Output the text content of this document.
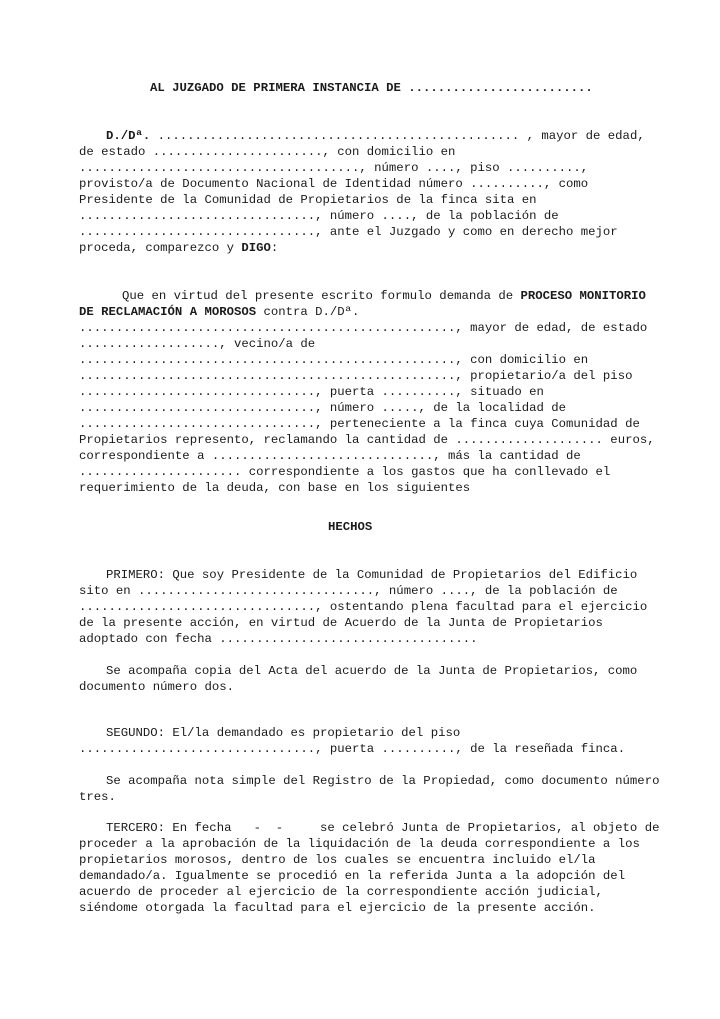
AL JUZGADO DE PRIMERA INSTANCIA DE .........................
D./Dª. ................................................. , mayor de edad,
de estado ......................., con domicilio en
......................................, número ...., piso ..........,
provisto/a de Documento Nacional de Identidad número .........., como
Presidente de la Comunidad de Propietarios de la finca sita en
................................, número ...., de la población de
................................, ante el Juzgado y como en derecho mejor
proceda, comparezco y DIGO:
Que en virtud del presente escrito formulo demanda de PROCESO MONITORIO
DE RECLAMACIÓN A MOROSOS contra D./Dª.
..................................................., mayor de edad, de estado
..................., vecino/a de
..................................................., con domicilio en
..................................................., propietario/a del piso
................................, puerta .........., situado en
................................, número ....., de la localidad de
................................, perteneciente a la finca cuya Comunidad de
Propietarios represento, reclamando la cantidad de .................... euros,
correspondiente a .............................., más la cantidad de
...................... correspondiente a los gastos que ha conllevado el
requerimiento de la deuda, con base en los siguientes
HECHOS
PRIMERO: Que soy Presidente de la Comunidad de Propietarios del Edificio
sito en ................................, número ...., de la población de
................................, ostentando plena facultad para el ejercicio
de la presente acción, en virtud de Acuerdo de la Junta de Propietarios
adoptado con fecha ...................................
Se acompaña copia del Acta del acuerdo de la Junta de Propietarios, como
documento número dos.
SEGUNDO: El/la demandado es propietario del piso
................................, puerta .........., de la reseñada finca.
Se acompaña nota simple del Registro de la Propiedad, como documento número
tres.
TERCERO: En fecha   -  -     se celebró Junta de Propietarios, al objeto de
proceder a la aprobación de la liquidación de la deuda correspondiente a los
propietarios morosos, dentro de los cuales se encuentra incluido el/la
demandado/a. Igualmente se procedió en la referida Junta a la adopción del
acuerdo de proceder al ejercicio de la correspondiente acción judicial,
siéndome otorgada la facultad para el ejercicio de la presente acción.
